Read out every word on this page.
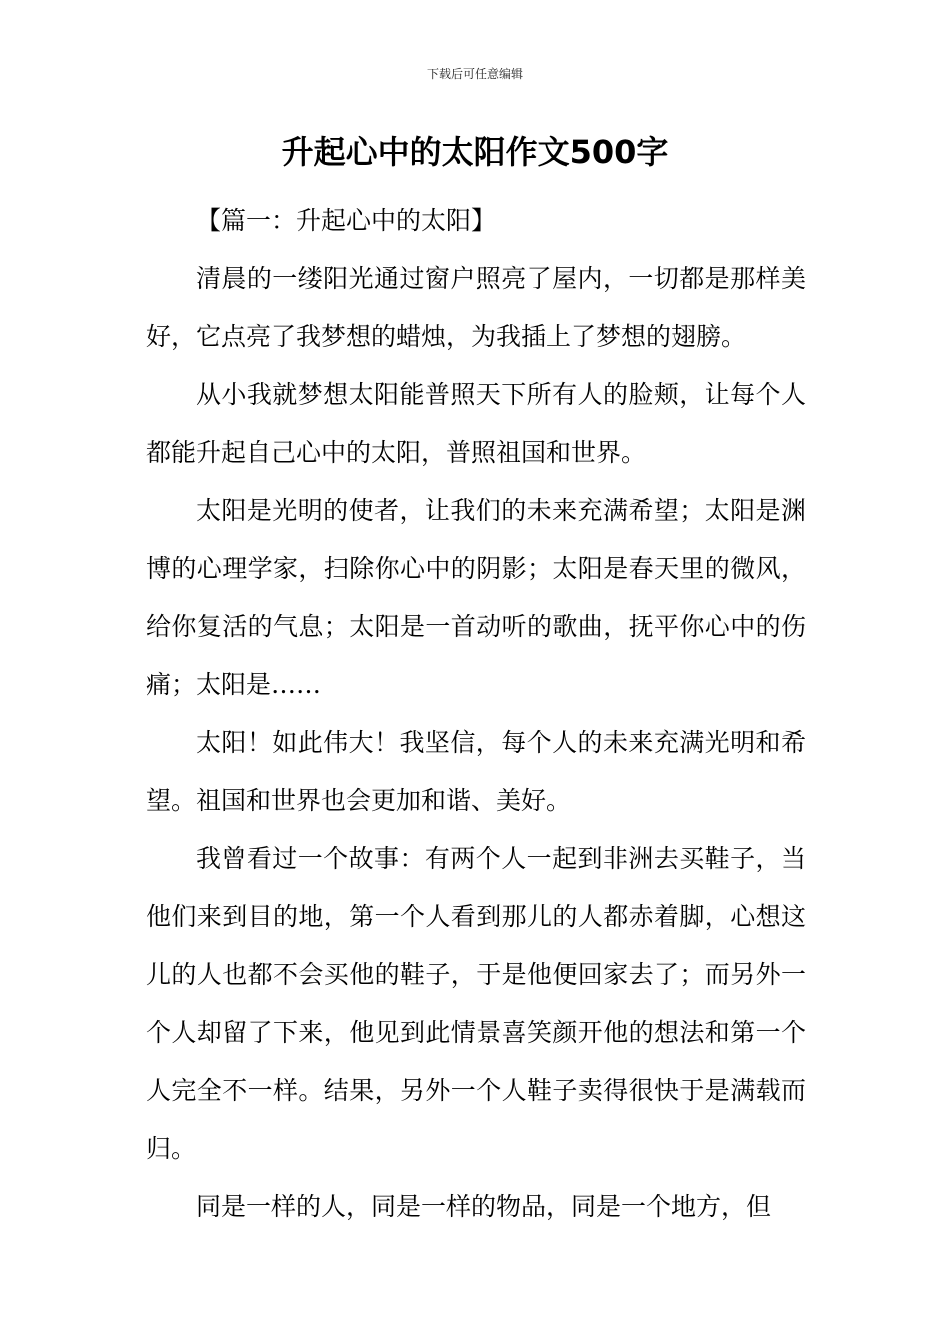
下载后可任意编辑
升起心中的太阳作文500字

【篇一：升起心中的太阳】

清晨的一缕阳光通过窗户照亮了屋内，一切都是那样美好，它点亮了我梦想的蜡烛，为我插上了梦想的翅膀。

从小我就梦想太阳能普照天下所有人的脸颊，让每个人都能升起自己心中的太阳，普照祖国和世界。

太阳是光明的使者，让我们的未来充满希望；太阳是渊博的心理学家，扫除你心中的阴影；太阳是春天里的微风，给你复活的气息；太阳是一首动听的歌曲，抚平你心中的伤痛；太阳是……

太阳！如此伟大！我坚信，每个人的未来充满光明和希望。祖国和世界也会更加和谐、美好。

我曾看过一个故事：有两个人一起到非洲去买鞋子，当他们来到目的地，第一个人看到那儿的人都赤着脚，心想这儿的人也都不会买他的鞋子，于是他便回家去了；而另外一个人却留了下来，他见到此情景喜笑颜开他的想法和第一个人完全不一样。结果，另外一个人鞋子卖得很快于是满载而归。

同是一样的人，同是一样的物品，同是一个地方，但
